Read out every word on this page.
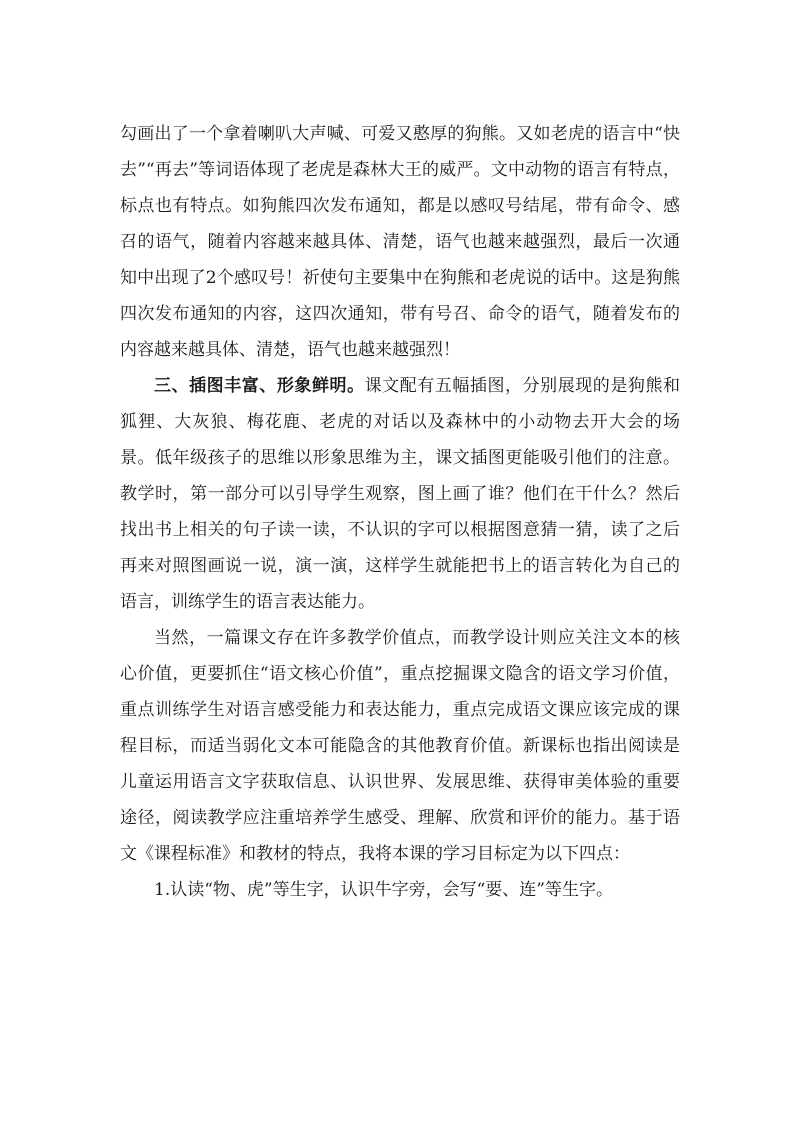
勾画出了一个拿着喇叭大声喊、可爱又憨厚的狗熊。又如老虎的语言中“快去”“再去”等词语体现了老虎是森林大王的威严。文中动物的语言有特点，标点也有特点。如狗熊四次发布通知，都是以感叹号结尾，带有命令、感召的语气，随着内容越来越具体、清楚，语气也越来越强烈，最后一次通知中出现了2个感叹号！祈使句主要集中在狗熊和老虎说的话中。这是狗熊四次发布通知的内容，这四次通知，带有号召、命令的语气，随着发布的内容越来越具体、清楚，语气也越来越强烈！

三、插图丰富、形象鲜明。课文配有五幅插图，分别展现的是狗熊和狐狸、大灰狼、梅花鹿、老虎的对话以及森林中的小动物去开大会的场景。低年级孩子的思维以形象思维为主，课文插图更能吸引他们的注意。教学时，第一部分可以引导学生观察，图上画了谁？他们在干什么？然后找出书上相关的句子读一读，不认识的字可以根据图意猜一猜，读了之后再来对照图画说一说，演一演，这样学生就能把书上的语言转化为自己的语言，训练学生的语言表达能力。

当然，一篇课文存在许多教学价值点，而教学设计则应关注文本的核心价值，更要抓住“语文核心价值”，重点挖掘课文隐含的语文学习价值，重点训练学生对语言感受能力和表达能力，重点完成语文课应该完成的课程目标，而适当弱化文本可能隐含的其他教育价值。新课标也指出阅读是儿童运用语言文字获取信息、认识世界、发展思维、获得审美体验的重要途径，阅读教学应注重培养学生感受、理解、欣赏和评价的能力。基于语文《课程标准》和教材的特点，我将本课的学习目标定为以下四点：

1.认读“物、虎”等生字，认识牛字旁，会写“要、连”等生字。
